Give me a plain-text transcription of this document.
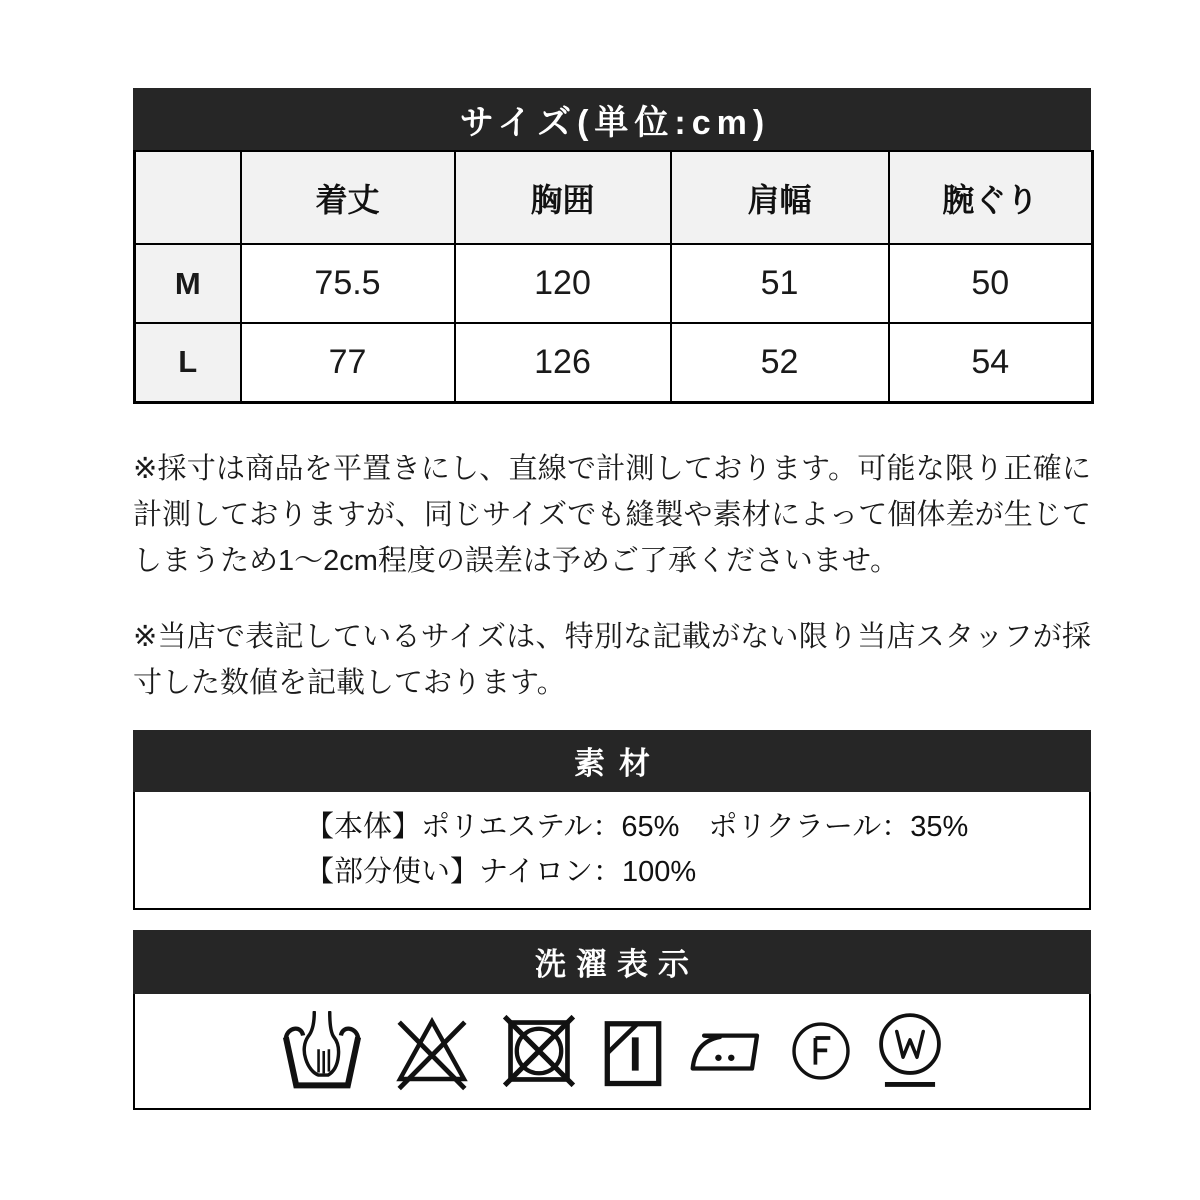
サイズ(単位:cm)
	着丈	胸囲	肩幅	腕ぐり
M	75.5	120	51	50
L	77	126	52	54

※採寸は商品を平置きにし、直線で計測しております。可能な限り正確に計測しておりますが、同じサイズでも縫製や素材によって個体差が生じてしまうため1〜2cm程度の誤差は予めご了承くださいませ。

※当店で表記しているサイズは、特別な記載がない限り当店スタッフが採寸した数値を記載しております。

素材
【本体】ポリエステル：65%　ポリクラール：35%
【部分使い】ナイロン：100%
洗濯表示
